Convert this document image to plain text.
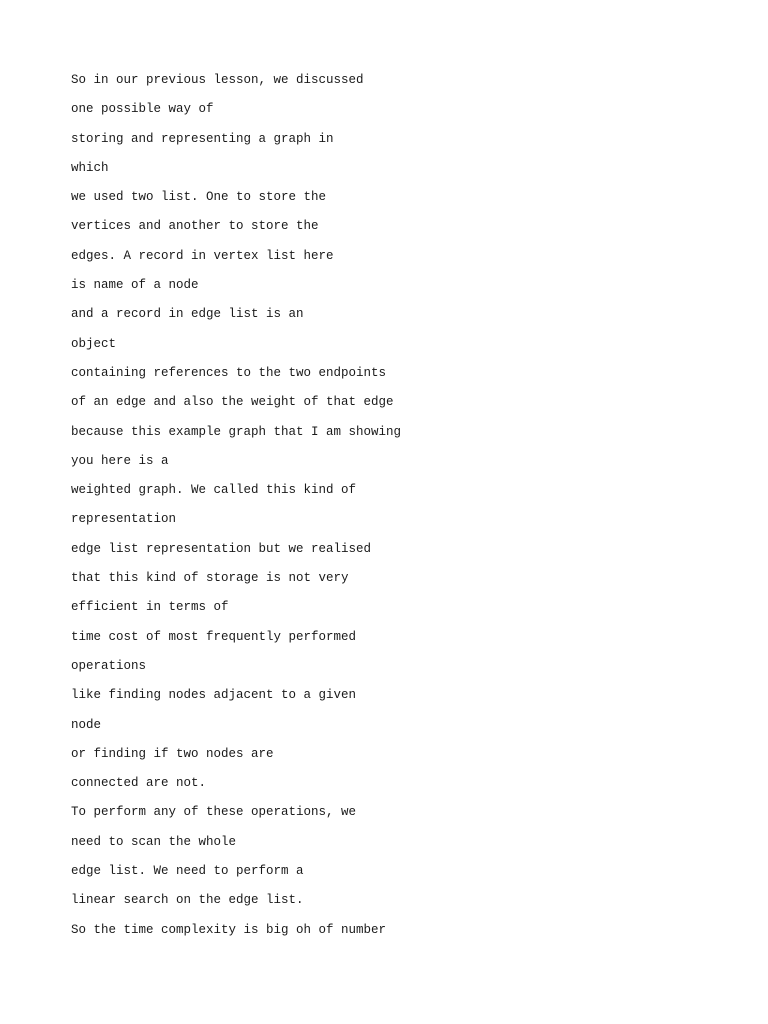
So in our previous lesson, we discussed
one possible way of
storing and representing a graph in
which
we used two list. One to store the
vertices and another to store the
edges. A record in vertex list here
is name of a node
and a record in edge list is an
object
containing references to the two endpoints
of an edge and also the weight of that edge
because this example graph that I am showing
you here is a
weighted graph. We called this kind of
representation
edge list representation but we realised
that this kind of storage is not very
efficient in terms of
time cost of most frequently performed
operations
like finding nodes adjacent to a given
node
or finding if two nodes are
connected are not.
To perform any of these operations, we
need to scan the whole
edge list. We need to perform a
linear search on the edge list.
So the time complexity is big oh of number
